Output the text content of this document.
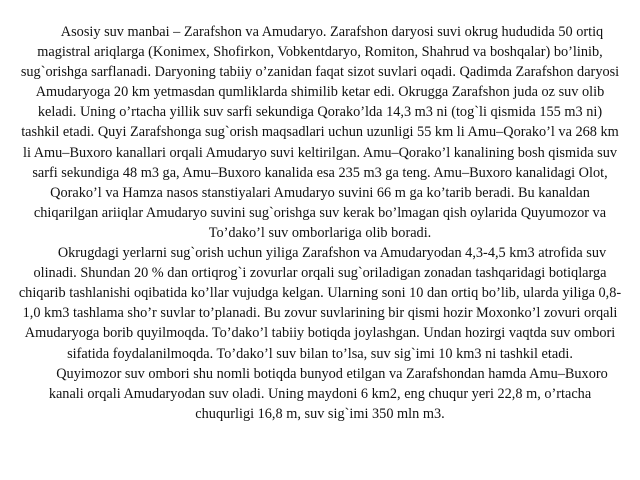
Asosiy suv manbai – Zarafshon va Amudaryo. Zarafshon daryosi suvi okrug hududida 50 ortiq magistral ariqlarga (Konimex, Shofirkon, Vobkentdaryo, Romiton, Shahrud va boshqalar) bo’linib, sug`orishga sarflanadi. Daryoning tabiiy o’zanidan faqat sizot suvlari oqadi. Qadimda Zarafshon daryosi Amudaryoga 20 km yetmasdan qumliklarda shimilib ketar edi. Okrugga Zarafshon juda oz suv olib keladi. Uning o’rtacha yillik suv sarfi sekundiga Qorako’lda 14,3 m3 ni (tog`li qismida 155 m3 ni) tashkil etadi. Quyi Zarafshonga sug`orish maqsadlari uchun uzunligi 55 km li Amu–Qorako’l va 268 km li Amu–Buxoro kanallari orqali Amudaryo suvi keltirilgan. Amu–Qorako’l kanalining bosh qismida suv sarfi sekundiga 48 m3 ga, Amu–Buxoro kanalida esa 235 m3 ga teng. Amu–Buxoro kanalidagi Olot, Qorako’l va Hamza nasos stanstiyalari Amudaryo suvini 66 m ga ko’tarib beradi. Bu kanaldan chiqarilgan ariiqlar Amudaryo suvini sug`orishga suv kerak bo’lmagan qish oylarida Quyumozor va To’dako’l suv omborlariga olib boradi.

Okrugdagi yerlarni sug`orish uchun yiliga Zarafshon va Amudaryodan 4,3-4,5 km3 atrofida suv olinadi. Shundan 20 % dan ortiqrog`i zovurlar orqali sug`oriladigan zonadan tashqaridagi botiqlarga chiqarib tashlanishi oqibatida ko’llar vujudga kelgan. Ularning soni 10 dan ortiq bo’lib, ularda yiliga 0,8-1,0 km3 tashlama sho’r suvlar to’planadi. Bu zovur suvlarining bir qismi hozir Moxonko’l zovuri orqali Amudaryoga borib quyilmoqda. To’dako’l tabiiy botiqda joylashgan. Undan hozirgi vaqtda suv ombori sifatida foydalanilmoqda. To’dako’l suv bilan to’lsa, suv sig`imi 10 km3 ni tashkil etadi.

Quyimozor suv ombori shu nomli botiqda bunyod etilgan va Zarafshondan hamda Amu–Buxoro kanali orqali Amudaryodan suv oladi. Uning maydoni 6 km2, eng chuqur yeri 22,8 m, o’rtacha chuqurligi 16,8 m, suv sig`imi 350 mln m3.
